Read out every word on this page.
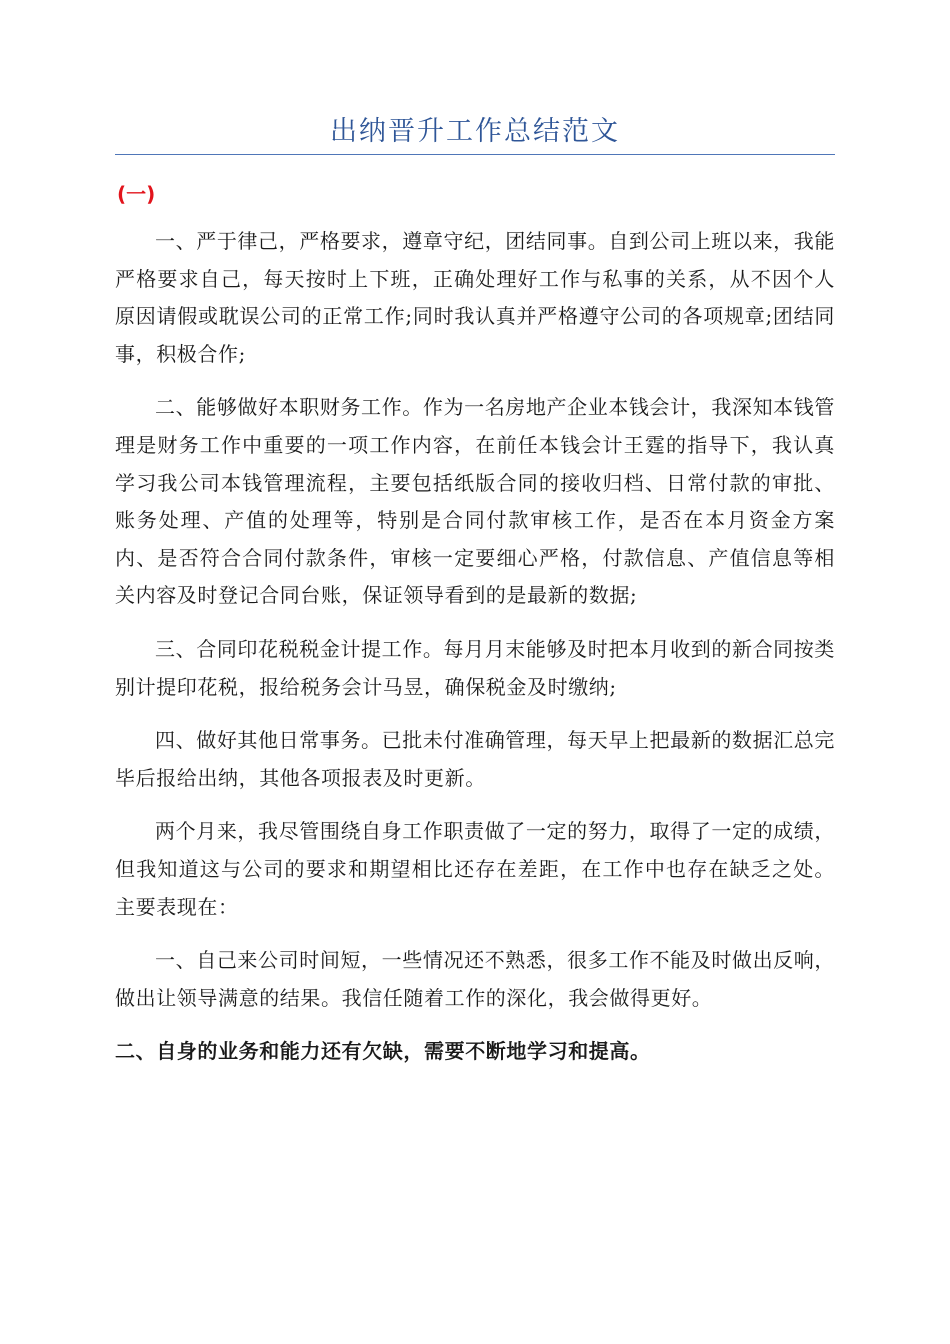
出纳晋升工作总结范文
(一)

一、严于律己，严格要求，遵章守纪，团结同事。自到公司上班以来，我能严格要求自己，每天按时上下班，正确处理好工作与私事的关系，从不因个人原因请假或耽误公司的正常工作;同时我认真并严格遵守公司的各项规章;团结同事，积极合作;

二、能够做好本职财务工作。作为一名房地产企业本钱会计，我深知本钱管理是财务工作中重要的一项工作内容，在前任本钱会计王霆的指导下，我认真学习我公司本钱管理流程，主要包括纸版合同的接收归档、日常付款的审批、账务处理、产值的处理等，特别是合同付款审核工作，是否在本月资金方案内、是否符合合同付款条件，审核一定要细心严格，付款信息、产值信息等相关内容及时登记合同台账，保证领导看到的是最新的数据;

三、合同印花税税金计提工作。每月月末能够及时把本月收到的新合同按类别计提印花税，报给税务会计马昱，确保税金及时缴纳;

四、做好其他日常事务。已批未付准确管理，每天早上把最新的数据汇总完毕后报给出纳，其他各项报表及时更新。

两个月来，我尽管围绕自身工作职责做了一定的努力，取得了一定的成绩，但我知道这与公司的要求和期望相比还存在差距，在工作中也存在缺乏之处。主要表现在：

一、自己来公司时间短，一些情况还不熟悉，很多工作不能及时做出反响，做出让领导满意的结果。我信任随着工作的深化，我会做得更好。

二、自身的业务和能力还有欠缺，需要不断地学习和提高。
